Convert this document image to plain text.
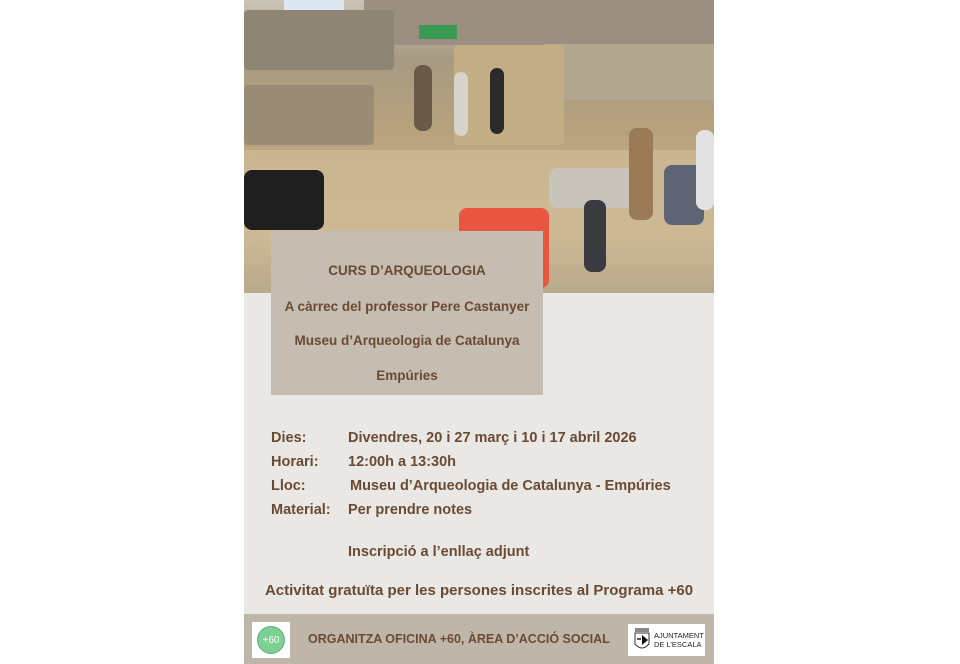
CURS D’ARQUEOLOGIA
A càrrec del professor Pere Castanyer
Museu d’Arqueologia de Catalunya
Empúries
Dies:	Divendres, 20 i 27 març i 10 i 17 abril 2026
Horari: 12:00h a 13:30h
Lloc:	Museu d’Arqueologia de Catalunya - Empúries
Material: Per prendre notes
Inscripció a l’enllaç adjunt
Activitat gratuïta per les persones inscrites al Programa +60
+60	ORGANITZA OFICINA +60, ÀREA D’ACCIÓ SOCIAL	AJUNTAMENT
DE L’ESCALA
